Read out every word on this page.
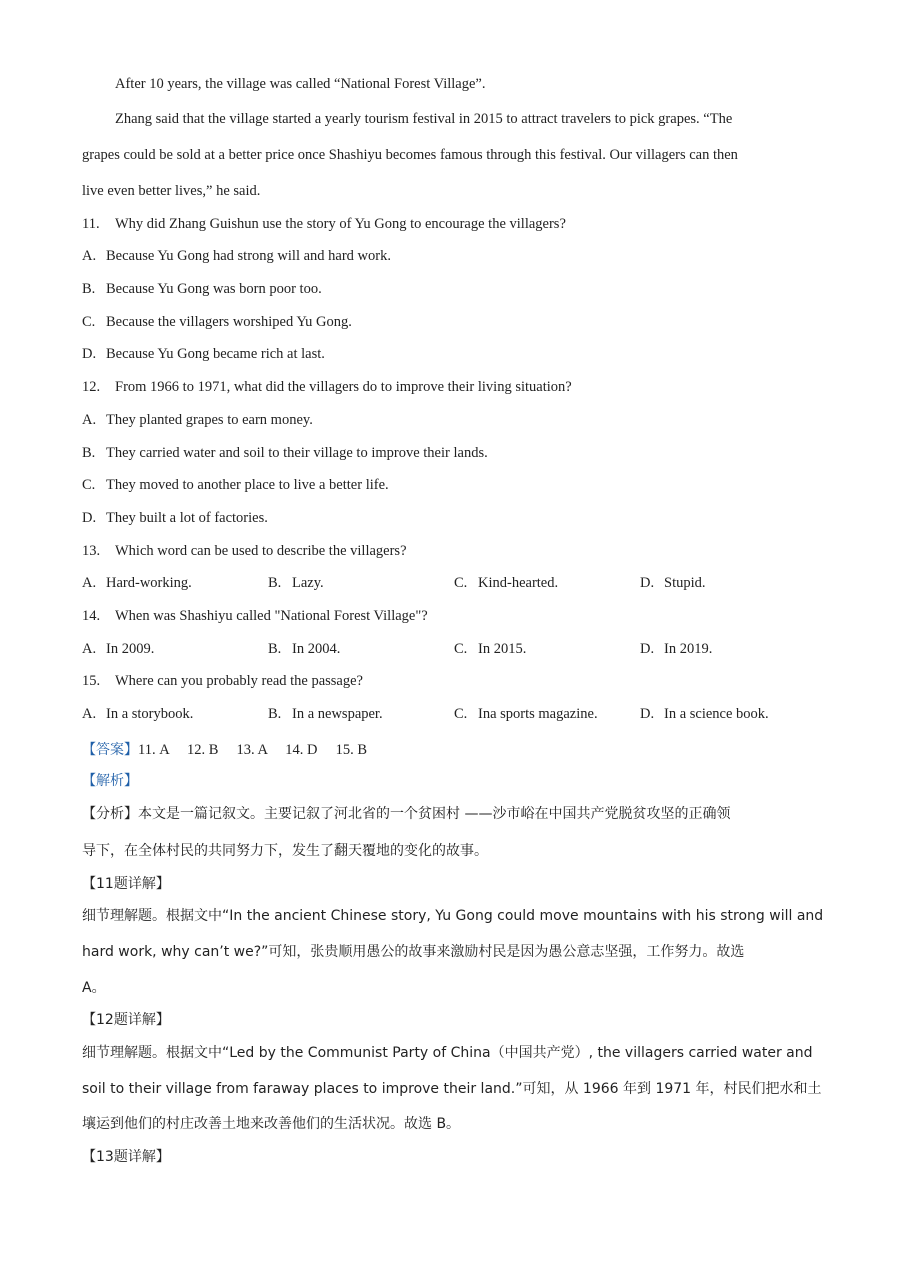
After 10 years, the village was called “National Forest Village”.
Zhang said that the village started a yearly tourism festival in 2015 to attract travelers to pick grapes. “The
grapes could be sold at a better price once Shashiyu becomes famous through this festival. Our villagers can then
live even better lives,” he said.
11. Why did Zhang Guishun use the story of Yu Gong to encourage the villagers?
A. Because Yu Gong had strong will and hard work.
B. Because Yu Gong was born poor too.
C. Because the villagers worshiped Yu Gong.
D. Because Yu Gong became rich at last.
12. From 1966 to 1971, what did the villagers do to improve their living situation?
A. They planted grapes to earn money.
B. They carried water and soil to their village to improve their lands.
C. They moved to another place to live a better life.
D. They built a lot of factories.
13. Which word can be used to describe the villagers?
A. Hard-working.	B. Lazy.	C. Kind-hearted.	D. Stupid.
14. When was Shashiyu called "National Forest Village"?
A. In 2009.	B. In 2004.	C. In 2015.	D. In 2019.
15. Where can you probably read the passage?
A. In a storybook.	B. In a newspaper.	C. Ina sports magazine.	D. In a science book.
【答案】11. A　 12. B　 13. A　 14. D　 15. B
【解析】
【分析】本文是一篇记叙文。主要记叙了河北省的一个贫困村 ——沙市峪在中国共产党脱贫攻坚的正确领
导下，在全体村民的共同努力下，发生了翻天覆地的变化的故事。
【11题详解】
细节理解题。根据文中“In the ancient Chinese story, Yu Gong could move mountains with his strong will and
hard work, why can’t we?”可知，张贵顺用愚公的故事来激励村民是因为愚公意志坚强，工作努力。故选
A。
【12题详解】
细节理解题。根据文中“Led by the Communist Party of China（中国共产党）, the villagers carried water and
soil to their village from faraway places to improve their land.”可知，从 1966 年到 1971 年，村民们把水和土
壤运到他们的村庄改善土地来改善他们的生活状况。故选 B。
【13题详解】
